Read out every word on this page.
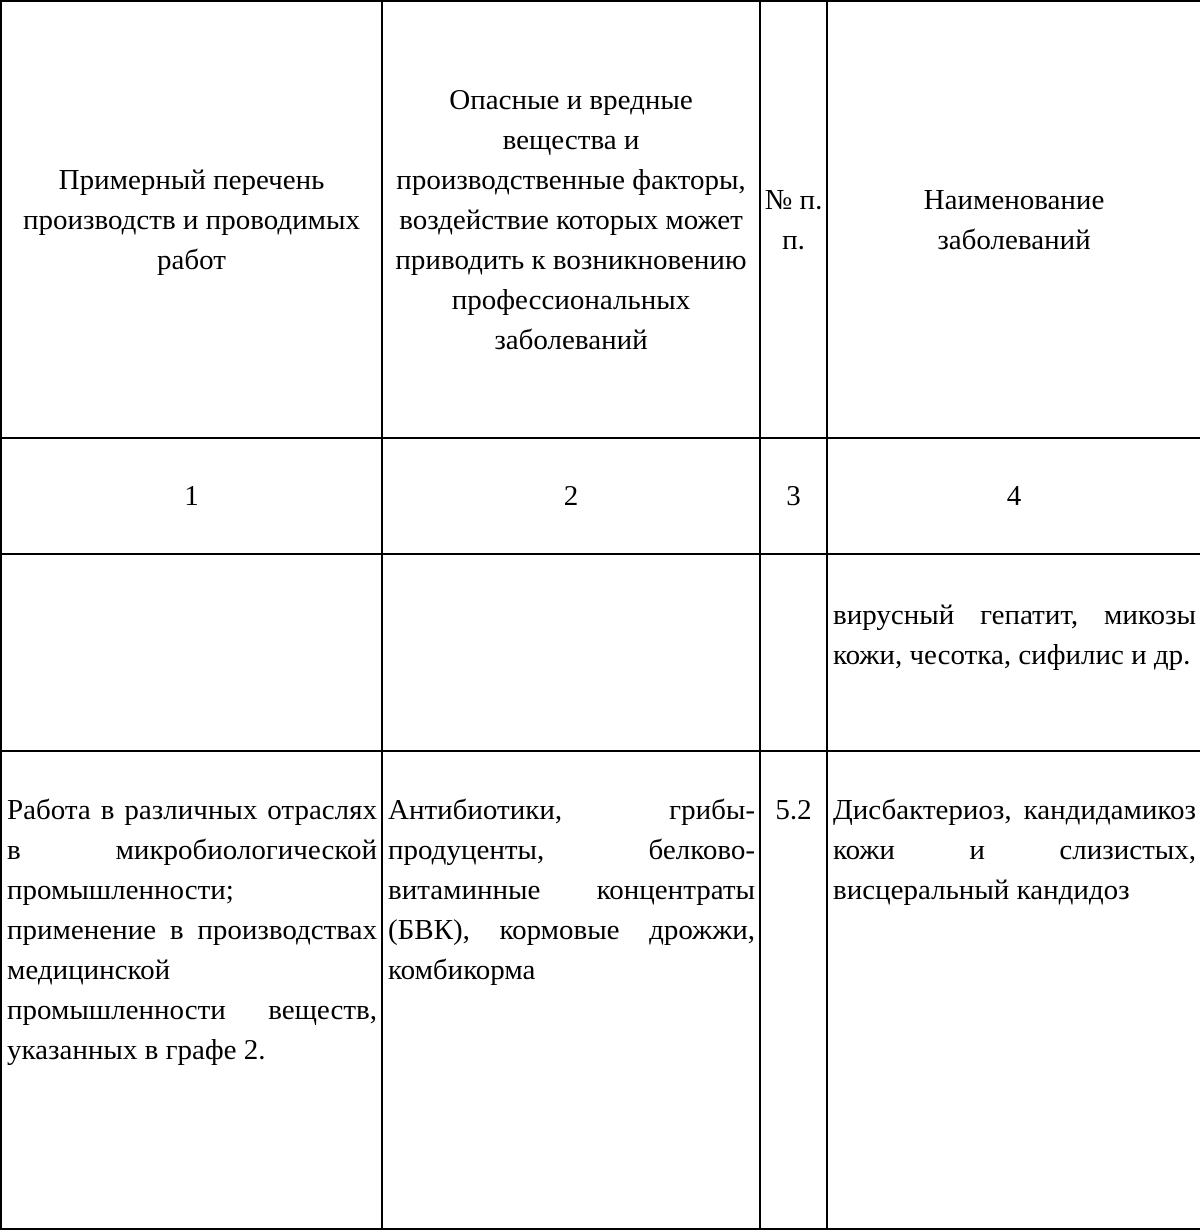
Примерный перечень производств и проводимых работ	Опасные и вредные вещества и производственные факторы, воздействие которых может приводить к возникновению профессиональных заболеваний	№ п. п.	Наименование заболеваний

1	2	3	4

			вирусный гепатит, микозы кожи, чесотка, сифилис и др.

Работа в различных отраслях в микробиологической промышленности; применение в производствах медицинской промышленности веществ, указанных в графе 2.	Антибиотики, грибы-продуценты, белково-витаминные концентраты (БВК), кормовые дрожжи, комбикорма	5.2	Дисбактериоз, кандидамикоз кожи и слизистых, висцеральный кандидоз
